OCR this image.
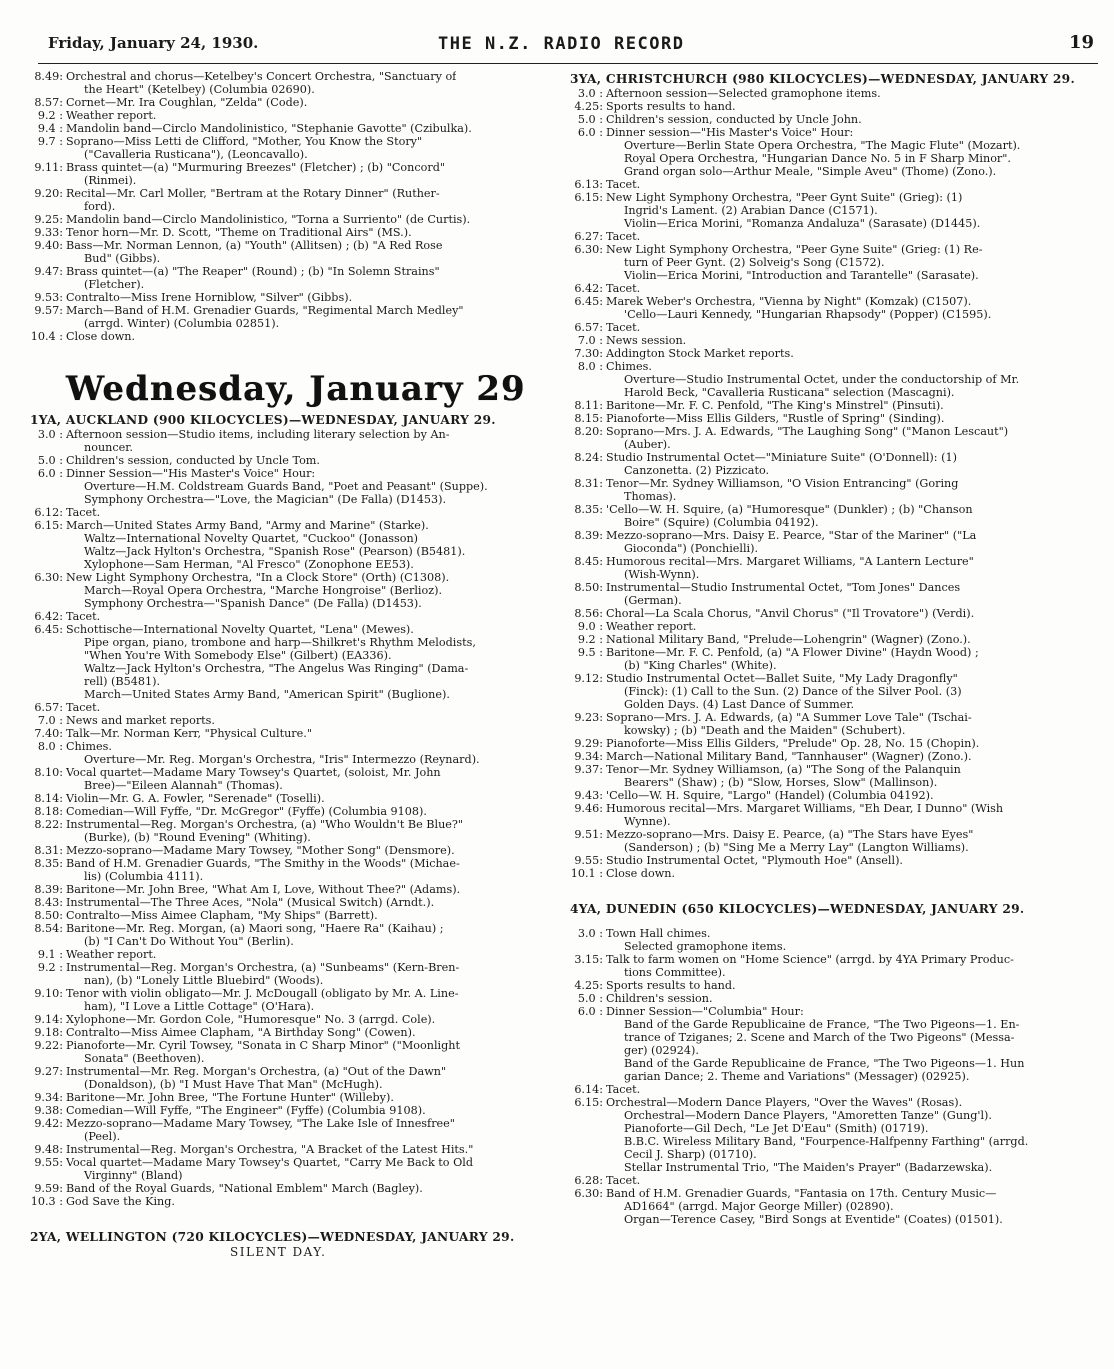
Friday, January 24, 1930.	THE N.Z. RADIO RECORD	19
8.49: Orchestral and chorus—Ketelbey's Concert Orchestra, "Sanctuary of
the Heart" (Ketelbey) (Columbia 02690).
8.57: Cornet—Mr. Ira Coughlan, "Zelda" (Code).
9.2 : Weather report.
9.4 : Mandolin band—Circlo Mandolinistico, "Stephanie Gavotte" (Czibulka).
9.7 : Soprano—Miss Letti de Clifford, "Mother, You Know the Story"
("Cavalleria Rusticana"), (Leoncavallo).
9.11: Brass quintet—(a) "Murmuring Breezes" (Fletcher) ; (b) "Concord"
(Rinmei).
9.20: Recital—Mr. Carl Moller, "Bertram at the Rotary Dinner" (Ruther-
ford).
9.25: Mandolin band—Circlo Mandolinistico, "Torna a Surriento" (de Curtis).
9.33: Tenor horn—Mr. D. Scott, "Theme on Traditional Airs" (MS.).
9.40: Bass—Mr. Norman Lennon, (a) "Youth" (Allitsen) ; (b) "A Red Rose
Bud" (Gibbs).
9.47: Brass quintet—(a) "The Reaper" (Round) ; (b) "In Solemn Strains"
(Fletcher).
9.53: Contralto—Miss Irene Horniblow, "Silver" (Gibbs).
9.57: March—Band of H.M. Grenadier Guards, "Regimental March Medley"
(arrgd. Winter) (Columbia 02851).
10.4 : Close down.
Wednesday, January 29
1YA, AUCKLAND (900 KILOCYCLES)—WEDNESDAY, JANUARY 29.
3.0 : Afternoon session—Studio items, including literary selection by An-
nouncer.
5.0 : Children's session, conducted by Uncle Tom.
6.0 : Dinner Session—"His Master's Voice" Hour:
Overture—H.M. Coldstream Guards Band, "Poet and Peasant" (Suppe).
Symphony Orchestra—"Love, the Magician" (De Falla) (D1453).
6.12: Tacet.
6.15: March—United States Army Band, "Army and Marine" (Starke).
Waltz—International Novelty Quartet, "Cuckoo" (Jonasson)
Waltz—Jack Hylton's Orchestra, "Spanish Rose" (Pearson) (B5481).
Xylophone—Sam Herman, "Al Fresco" (Zonophone EE53).
6.30: New Light Symphony Orchestra, "In a Clock Store" (Orth) (C1308).
March—Royal Opera Orchestra, "Marche Hongroise" (Berlioz).
Symphony Orchestra—"Spanish Dance" (De Falla) (D1453).
6.42: Tacet.
6.45: Schottische—International Novelty Quartet, "Lena" (Mewes).
Pipe organ, piano, trombone and harp—Shilkret's Rhythm Melodists,
"When You're With Somebody Else" (Gilbert) (EA336).
Waltz—Jack Hylton's Orchestra, "The Angelus Was Ringing" (Dama-
rell) (B5481).
March—United States Army Band, "American Spirit" (Buglione).
6.57: Tacet.
7.0 : News and market reports.
7.40: Talk—Mr. Norman Kerr, "Physical Culture."
8.0 : Chimes.
Overture—Mr. Reg. Morgan's Orchestra, "Iris" Intermezzo (Reynard).
8.10: Vocal quartet—Madame Mary Towsey's Quartet, (soloist, Mr. John
Bree)—"Eileen Alannah" (Thomas).
8.14: Violin—Mr. G. A. Fowler, "Serenade" (Toselli).
8.18: Comedian—Will Fyffe, "Dr. McGregor" (Fyffe) (Columbia 9108).
8.22: Instrumental—Reg. Morgan's Orchestra, (a) "Who Wouldn't Be Blue?"
(Burke), (b) "Round Evening" (Whiting).
8.31: Mezzo-soprano—Madame Mary Towsey, "Mother Song" (Densmore).
8.35: Band of H.M. Grenadier Guards, "The Smithy in the Woods" (Michae-
lis) (Columbia 4111).
8.39: Baritone—Mr. John Bree, "What Am I, Love, Without Thee?" (Adams).
8.43: Instrumental—The Three Aces, "Nola" (Musical Switch) (Arndt.).
8.50: Contralto—Miss Aimee Clapham, "My Ships" (Barrett).
8.54: Baritone—Mr. Reg. Morgan, (a) Maori song, "Haere Ra" (Kaihau) ;
(b) "I Can't Do Without You" (Berlin).
9.1 : Weather report.
9.2 : Instrumental—Reg. Morgan's Orchestra, (a) "Sunbeams" (Kern-Bren-
nan), (b) "Lonely Little Bluebird" (Woods).
9.10: Tenor with violin obligato—Mr. J. McDougall (obligato by Mr. A. Line-
ham), "I Love a Little Cottage" (O'Hara).
9.14: Xylophone—Mr. Gordon Cole, "Humoresque" No. 3 (arrgd. Cole).
9.18: Contralto—Miss Aimee Clapham, "A Birthday Song" (Cowen).
9.22: Pianoforte—Mr. Cyril Towsey, "Sonata in C Sharp Minor" ("Moonlight
Sonata" (Beethoven).
9.27: Instrumental—Mr. Reg. Morgan's Orchestra, (a) "Out of the Dawn"
(Donaldson), (b) "I Must Have That Man" (McHugh).
9.34: Baritone—Mr. John Bree, "The Fortune Hunter" (Willeby).
9.38: Comedian—Will Fyffe, "The Engineer" (Fyffe) (Columbia 9108).
9.42: Mezzo-soprano—Madame Mary Towsey, "The Lake Isle of Innesfree"
(Peel).
9.48: Instrumental—Reg. Morgan's Orchestra, "A Bracket of the Latest Hits."
9.55: Vocal quartet—Madame Mary Towsey's Quartet, "Carry Me Back to Old
Virginny" (Bland)
9.59: Band of the Royal Guards, "National Emblem" March (Bagley).
10.3 : God Save the King.
2YA, WELLINGTON (720 KILOCYCLES)—WEDNESDAY, JANUARY 29.
SILENT DAY.
3YA, CHRISTCHURCH (980 KILOCYCLES)—WEDNESDAY, JANUARY 29.
3.0 : Afternoon session—Selected gramophone items.
4.25: Sports results to hand.
5.0 : Children's session, conducted by Uncle John.
6.0 : Dinner session—"His Master's Voice" Hour:
Overture—Berlin State Opera Orchestra, "The Magic Flute" (Mozart).
Royal Opera Orchestra, "Hungarian Dance No. 5 in F Sharp Minor".
Grand organ solo—Arthur Meale, "Simple Aveu" (Thome) (Zono.).
6.13: Tacet.
6.15: New Light Symphony Orchestra, "Peer Gynt Suite" (Grieg): (1)
Ingrid's Lament. (2) Arabian Dance (C1571).
Violin—Erica Morini, "Romanza Andaluza" (Sarasate) (D1445).
6.27: Tacet.
6.30: New Light Symphony Orchestra, "Peer Gyne Suite" (Grieg: (1) Re-
turn of Peer Gynt. (2) Solveig's Song (C1572).
Violin—Erica Morini, "Introduction and Tarantelle" (Sarasate).
6.42: Tacet.
6.45: Marek Weber's Orchestra, "Vienna by Night" (Komzak) (C1507).
'Cello—Lauri Kennedy, "Hungarian Rhapsody" (Popper) (C1595).
6.57: Tacet.
7.0 : News session.
7.30: Addington Stock Market reports.
8.0 : Chimes.
Overture—Studio Instrumental Octet, under the conductorship of Mr.
Harold Beck, "Cavalleria Rusticana" selection (Mascagni).
8.11: Baritone—Mr. F. C. Penfold, "The King's Minstrel" (Pinsuti).
8.15: Pianoforte—Miss Ellis Gilders, "Rustle of Spring" (Sinding).
8.20: Soprano—Mrs. J. A. Edwards, "The Laughing Song" ("Manon Lescaut")
(Auber).
8.24: Studio Instrumental Octet—"Miniature Suite" (O'Donnell): (1)
Canzonetta. (2) Pizzicato.
8.31: Tenor—Mr. Sydney Williamson, "O Vision Entrancing" (Goring
Thomas).
8.35: 'Cello—W. H. Squire, (a) "Humoresque" (Dunkler) ; (b) "Chanson
Boire" (Squire) (Columbia 04192).
8.39: Mezzo-soprano—Mrs. Daisy E. Pearce, "Star of the Mariner" ("La
Gioconda") (Ponchielli).
8.45: Humorous recital—Mrs. Margaret Williams, "A Lantern Lecture"
(Wish-Wynn).
8.50: Instrumental—Studio Instrumental Octet, "Tom Jones" Dances
(German).
8.56: Choral—La Scala Chorus, "Anvil Chorus" ("Il Trovatore") (Verdi).
9.0 : Weather report.
9.2 : National Military Band, "Prelude—Lohengrin" (Wagner) (Zono.).
9.5 : Baritone—Mr. F. C. Penfold, (a) "A Flower Divine" (Haydn Wood) ;
(b) "King Charles" (White).
9.12: Studio Instrumental Octet—Ballet Suite, "My Lady Dragonfly"
(Finck): (1) Call to the Sun. (2) Dance of the Silver Pool. (3)
Golden Days. (4) Last Dance of Summer.
9.23: Soprano—Mrs. J. A. Edwards, (a) "A Summer Love Tale" (Tschai-
kowsky) ; (b) "Death and the Maiden" (Schubert).
9.29: Pianoforte—Miss Ellis Gilders, "Prelude" Op. 28, No. 15 (Chopin).
9.34: March—National Military Band, "Tannhauser" (Wagner) (Zono.).
9.37: Tenor—Mr. Sydney Williamson, (a) "The Song of the Palanquin
Bearers" (Shaw) ; (b) "Slow, Horses, Slow" (Mallinson).
9.43: 'Cello—W. H. Squire, "Largo" (Handel) (Columbia 04192).
9.46: Humorous recital—Mrs. Margaret Williams, "Eh Dear, I Dunno" (Wish
Wynne).
9.51: Mezzo-soprano—Mrs. Daisy E. Pearce, (a) "The Stars have Eyes"
(Sanderson) ; (b) "Sing Me a Merry Lay" (Langton Williams).
9.55: Studio Instrumental Octet, "Plymouth Hoe" (Ansell).
10.1 : Close down.
4YA, DUNEDIN (650 KILOCYCLES)—WEDNESDAY, JANUARY 29.
3.0 : Town Hall chimes.
Selected gramophone items.
3.15: Talk to farm women on "Home Science" (arrgd. by 4YA Primary Produc-
tions Committee).
4.25: Sports results to hand.
5.0 : Children's session.
6.0 : Dinner Session—"Columbia" Hour:
Band of the Garde Republicaine de France, "The Two Pigeons—1. En-
trance of Tziganes; 2. Scene and March of the Two Pigeons" (Messa-
ger) (02924).
Band of the Garde Republicaine de France, "The Two Pigeons—1. Hun
garian Dance; 2. Theme and Variations" (Messager) (02925).
6.14: Tacet.
6.15: Orchestral—Modern Dance Players, "Over the Waves" (Rosas).
Orchestral—Modern Dance Players, "Amoretten Tanze" (Gung'l).
Pianoforte—Gil Dech, "Le Jet D'Eau" (Smith) (01719).
B.B.C. Wireless Military Band, "Fourpence-Halfpenny Farthing" (arrgd.
Cecil J. Sharp) (01710).
Stellar Instrumental Trio, "The Maiden's Prayer" (Badarzewska).
6.28: Tacet.
6.30: Band of H.M. Grenadier Guards, "Fantasia on 17th. Century Music—
AD1664" (arrgd. Major George Miller) (02890).
Organ—Terence Casey, "Bird Songs at Eventide" (Coates) (01501).
